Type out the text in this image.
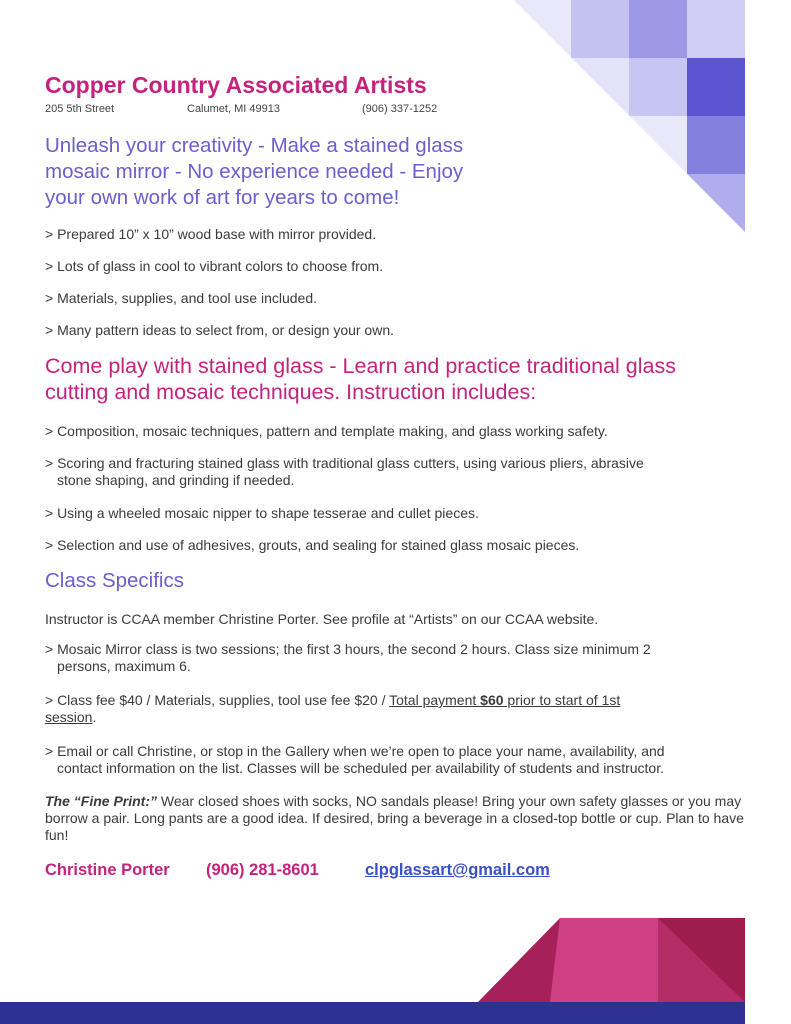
Copper Country Associated Artists
205 5th Street	Calumet, MI 49913	(906) 337-1252
Unleash your creativity - Make a stained glass mosaic mirror - No experience needed - Enjoy your own work of art for years to come!
> Prepared 10” x 10” wood base with mirror provided.
> Lots of glass in cool to vibrant colors to choose from.
> Materials, supplies, and tool use included.
> Many pattern ideas to select from, or design your own.
Come play with stained glass - Learn and practice traditional glass cutting and mosaic techniques. Instruction includes:
> Composition, mosaic techniques, pattern and template making, and glass working safety.
> Scoring and fracturing stained glass with traditional glass cutters, using various pliers, abrasive
stone shaping, and grinding if needed.
> Using a wheeled mosaic nipper to shape tesserae and cullet pieces.
> Selection and use of adhesives, grouts, and sealing for stained glass mosaic pieces.
Class Specifics
Instructor is CCAA member Christine Porter. See profile at “Artists” on our CCAA website.
> Mosaic Mirror class is two sessions; the first 3 hours, the second 2 hours. Class size minimum 2
persons, maximum 6.
> Class fee $40 / Materials, supplies, tool use fee $20 / Total payment $60 prior to start of 1st
session.
> Email or call Christine, or stop in the Gallery when we’re open to place your name, availability, and
contact information on the list. Classes will be scheduled per availability of students and instructor.
The “Fine Print:” Wear closed shoes with socks, NO sandals please! Bring your own safety glasses or you may borrow a pair. Long pants are a good idea. If desired, bring a beverage in a closed-top bottle or cup. Plan to have fun!
Christine Porter (906) 281-8601	clpglassart@gmail.com
